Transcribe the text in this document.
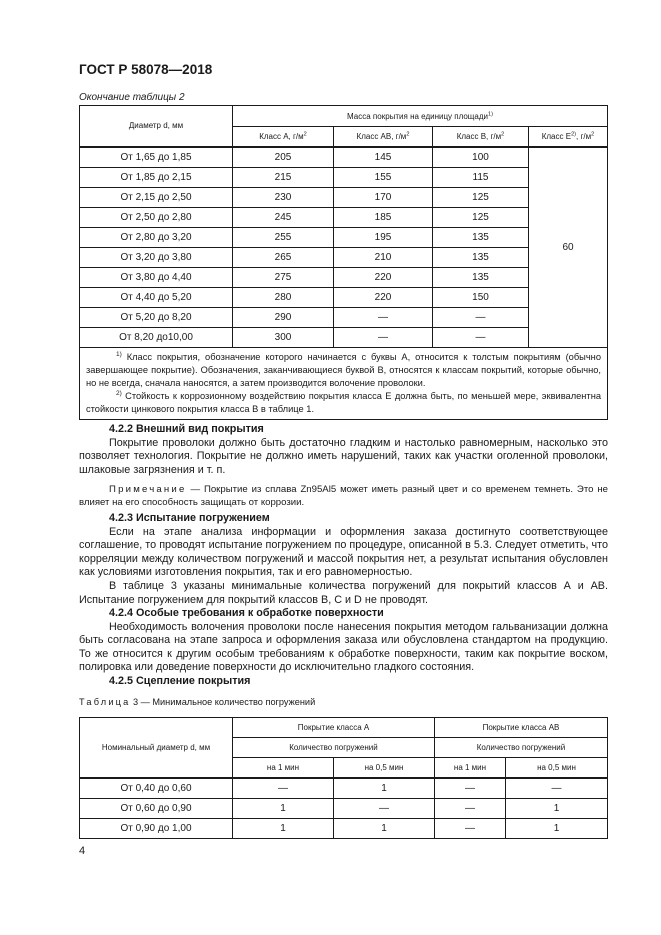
ГОСТ Р 58078—2018
Окончание таблицы 2
Диаметр d, мм	Масса покрытия на единицу площади$^{1)}$
	Класс А, $г/м^2$	Класс АВ, $г/м^2$	Класс В, $г/м^2$	Класс $Е^{2)}$, $г/м^2$
От 1,65 до 1,85	205	145	100	60
От 1,85 до 2,15	215	155	115	
От 2,15 до 2,50	230	170	125	
От 2,50 до 2,80	245	185	125	
От 2,80 до 3,20	255	195	135	
От 3,20 до 3,80	265	210	135	
От 3,80 до 4,40	275	220	135	
От 4,40 до 5,20	280	220	150	
От 5,20 до 8,20	290	—	—	
От 8,20 до10,00	300	—	—	

$^{1)}$ Класс покрытия, обозначение которого начинается с буквы А, относится к толстым покрытиям (обычно завершающее покрытие). Обозначения, заканчивающиеся буквой В, относятся к классам покрытий, которые обычно, но не всегда, сначала наносятся, а затем производится волочение проволоки.
$^{2)}$ Стойкость к коррозионному воздействию покрытия класса Е должна быть, по меньшей мере, эквивалентна стойкости цинкового покрытия класса В в таблице 1.				

4.2.2 Внешний вид покрытия

Покрытие проволоки должно быть достаточно гладким и настолько равномерным, насколько это позволяет технология. Покрытие не должно иметь нарушений, таких как участки оголенной проволоки, шлаковые загрязнения и т. п.

Примечание — Покрытие из сплава Zn95Al5 может иметь разный цвет и со временем темнеть. Это не влияет на его способность защищать от коррозии.

4.2.3 Испытание погружением

Если на этапе анализа информации и оформления заказа достигнуто соответствующее соглашение, то проводят испытание погружением по процедуре, описанной в 5.3. Следует отметить, что корреляции между количеством погружений и массой покрытия нет, а результат испытания обусловлен как условиями изготовления покрытия, так и его равномерностью.

В таблице 3 указаны минимальные количества погружений для покрытий классов А и АВ. Испытание погружением для покрытий классов В, С и D не проводят.

4.2.4 Особые требования к обработке поверхности

Необходимость волочения проволоки после нанесения покрытия методом гальванизации должна быть согласована на этапе запроса и оформления заказа или обусловлена стандартом на продукцию. То же относится к другим особым требованиям к обработке поверхности, таким как покрытие воском, полировка или доведение поверхности до исключительно гладкого состояния.

4.2.5 Сцепление покрытия

Таблица 3 — Минимальное количество погружений
Номинальный диаметр d, мм	Покрытие класса А		Покрытие класса АВ	
	Количество погружений		Количество погружений	
	на 1 мин	на 0,5 мин	на 1 мин	на 0,5 мин
От 0,40 до 0,60	—	1	—	—
От 0,60 до 0,90	1	—	—	1
От 0,90 до 1,00	1	1	—	1
4
